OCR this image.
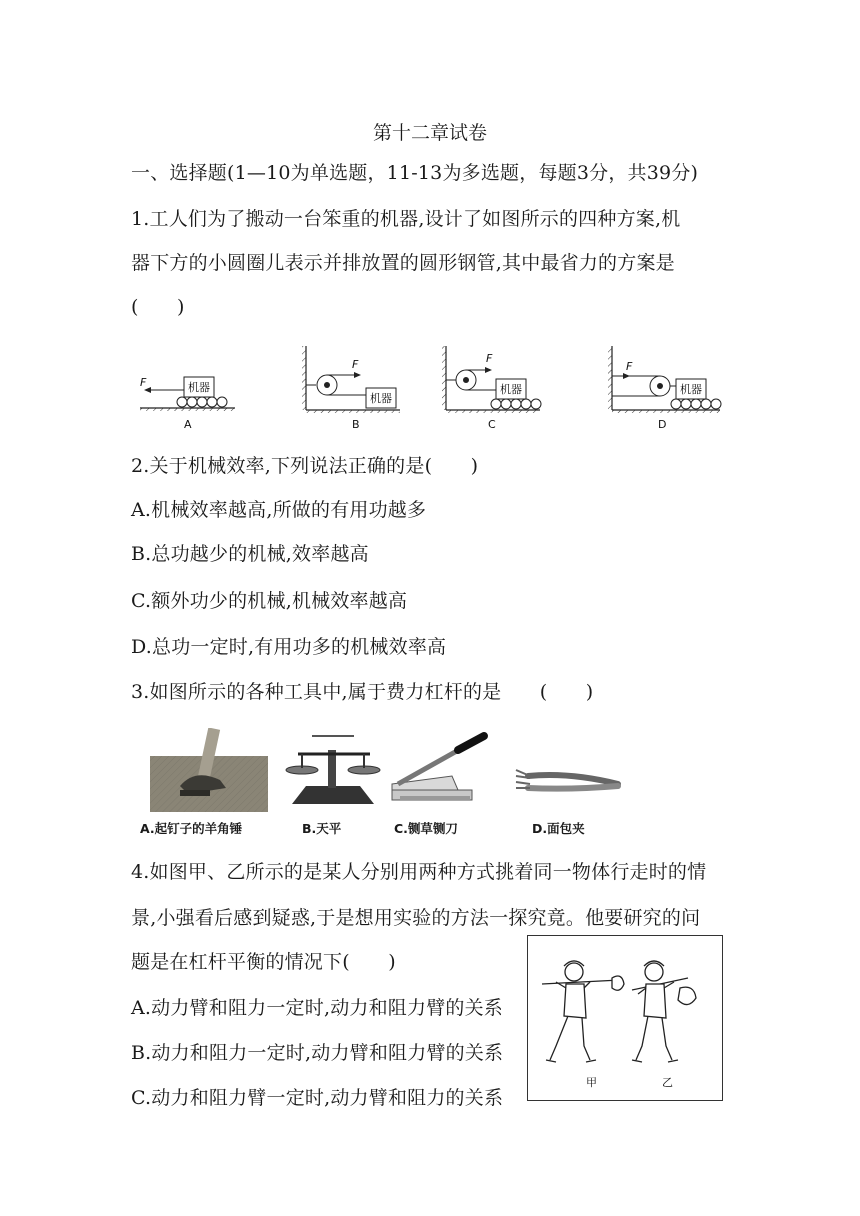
第十二章试卷
一、选择题(1—10为单选题，11-13为多选题，每题3分，共39分)
1.工人们为了搬动一台笨重的机器,设计了如图所示的四种方案,机
器下方的小圆圈儿表示并排放置的圆形钢管,其中最省力的方案是
(　　)
机器
F
A
F
机器
B
F
机器
C
F
机器
D
2.关于机械效率,下列说法正确的是(　　)
A.机械效率越高,所做的有用功越多
B.总功越少的机械,效率越高
C.额外功少的机械,机械效率越高
D.总功一定时,有用功多的机械效率高
3.如图所示的各种工具中,属于费力杠杆的是　　(　　)
A.起钉子的羊角锤	B.天平	C.铡草铡刀	D.面包夹
4.如图甲、乙所示的是某人分别用两种方式挑着同一物体行走时的情
景,小强看后感到疑惑,于是想用实验的方法一探究竟。他要研究的问
题是在杠杆平衡的情况下(　　)
A.动力臂和阻力一定时,动力和阻力臂的关系
B.动力和阻力一定时,动力臂和阻力臂的关系
C.动力和阻力臂一定时,动力臂和阻力的关系
甲	乙
